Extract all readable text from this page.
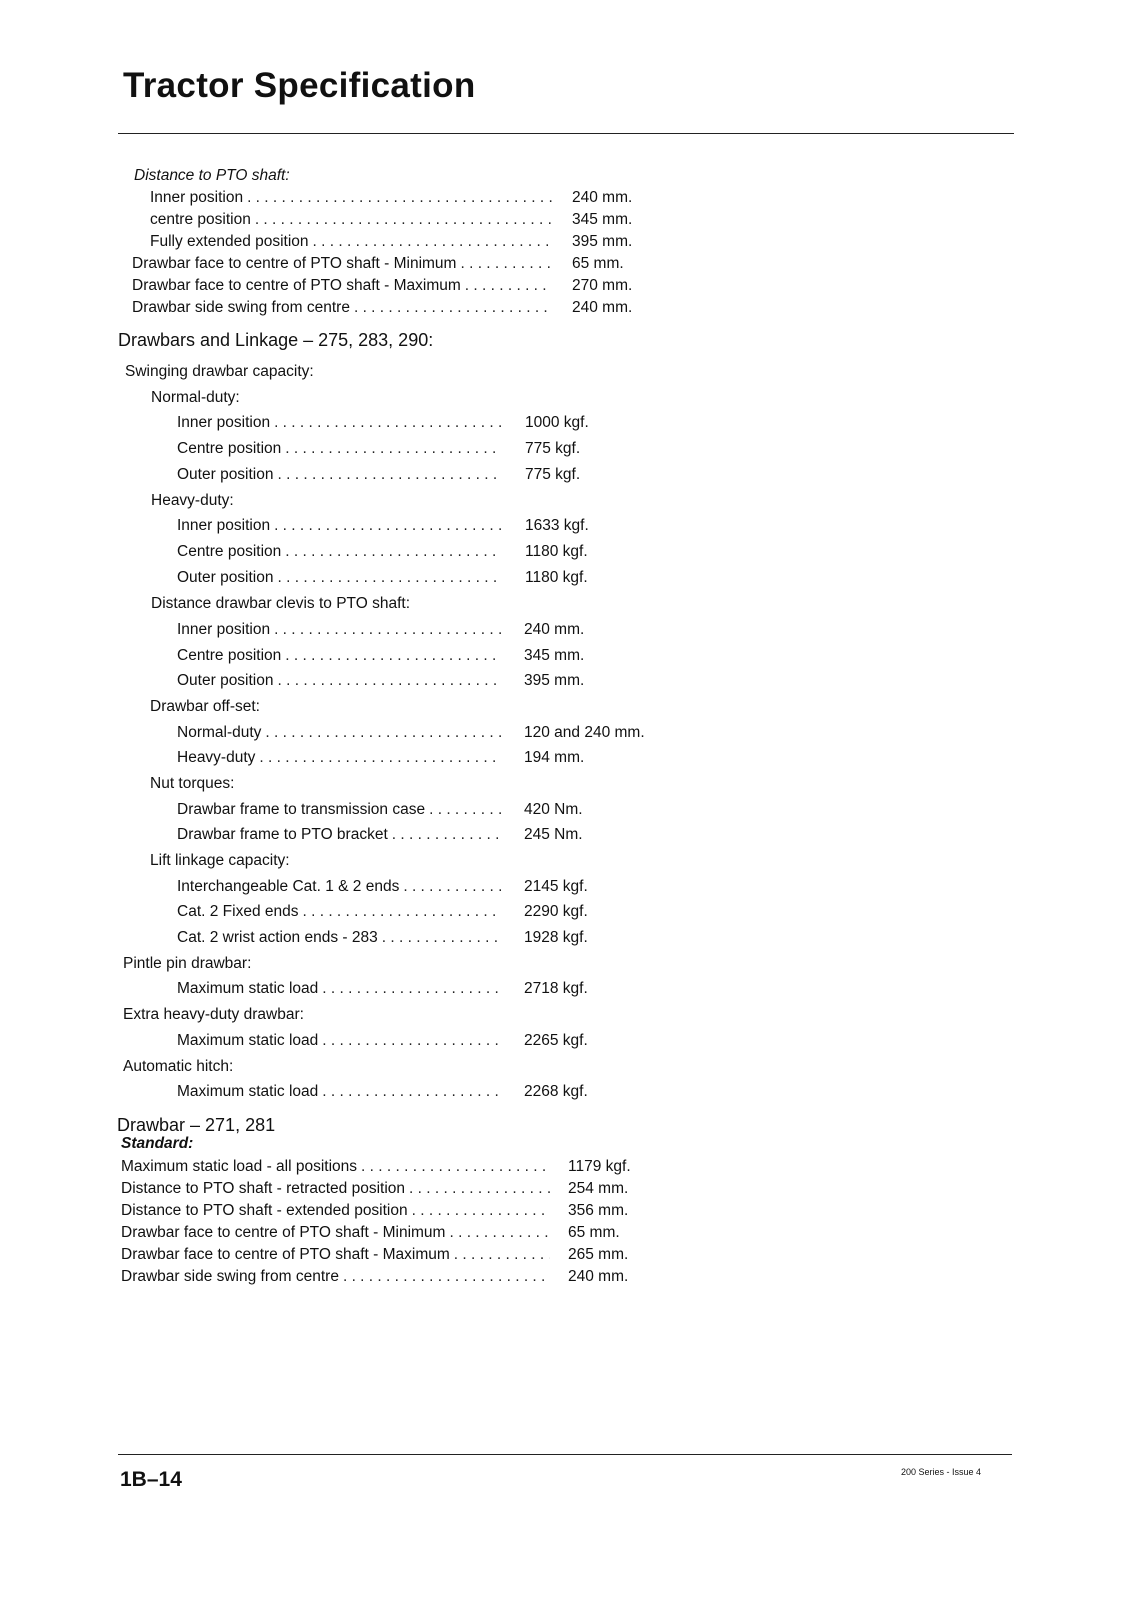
Tractor Specification
Distance to PTO shaft:
Inner position . . .	240 mm.
centre position . . .	345 mm.
Fully extended position . . .	395 mm.
Drawbar face to centre of PTO shaft - Minimum . . .	65 mm.
Drawbar face to centre of PTO shaft - Maximum . . .	270 mm.
Drawbar side swing from centre . . .	240 mm.
Drawbars and Linkage – 275, 283, 290:
Swinging drawbar capacity:
Normal-duty:
Inner position . . .	1000 kgf.
Centre position . . .	775 kgf.
Outer position . . .	775 kgf.
Heavy-duty:
Inner position . . .	1633 kgf.
Centre position . . .	1180 kgf.
Outer position . . .	1180 kgf.
Distance drawbar clevis to PTO shaft:
Inner position . . .	240 mm.
Centre position . . .	345 mm.
Outer position . . .	395 mm.
Drawbar off-set:
Normal-duty . . .	120 and 240 mm.
Heavy-duty . . .	194 mm.
Nut torques:
Drawbar frame to transmission case . . .	420 Nm.
Drawbar frame to PTO bracket . . .	245 Nm.
Lift linkage capacity:
Interchangeable Cat. 1 & 2 ends . . .	2145 kgf.
Cat. 2 Fixed ends . . .	2290 kgf.
Cat. 2 wrist action ends - 283 . . .	1928 kgf.
Pintle pin drawbar:
Maximum static load . . .	2718 kgf.
Extra heavy-duty drawbar:
Maximum static load . . .	2265 kgf.
Automatic hitch:
Maximum static load . . .	2268 kgf.
Drawbar – 271, 281
Standard:
Maximum static load - all positions . . .	1179 kgf.
Distance to PTO shaft - retracted position . . .	254 mm.
Distance to PTO shaft - extended position . . .	356 mm.
Drawbar face to centre of PTO shaft - Minimum . . .	65 mm.
Drawbar face to centre of PTO shaft - Maximum . . .	265 mm.
Drawbar side swing from centre . . .	240 mm.
1B–14	200 Series - Issue 4
